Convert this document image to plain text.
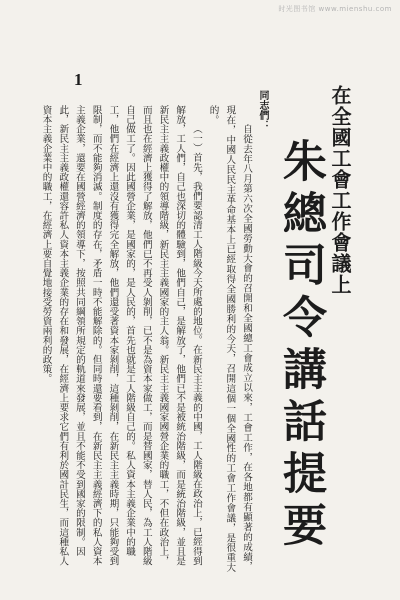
时光图书馆 www.mienshu.com
1
在全國工會工作會議上
朱總司令講話提要
同志們：

自從去年八月第六次全國勞動大會的召開和全國總工會成立以來，工會工作，在各地都有顯著的成績，現在，中國人民民主革命基本上已經取得全國勝利的今天，召開這個一個全國性的工會工作會議，是很重大的。

（一）首先，我們要認清工人階級今天所處的地位。在新民主主義的中國，工人階級在政治上，已經得到解放，工人們，自己也深切的體驗到，他們自己，是解放了，他們已不是被統治階級，而是統治階級，並且是新民主主義政權中的領導階級，新民主主義國家的主人翁。新民主主義國家國營企業的職工，不但在政治上，而且也在經濟上獲得了解放，他們已不再受人剝削，已不是為資本家做工，而是替國家，替人民，為工人階級自己做工了。因此國營企業，是國家的，是人民的，首先也就是工人階級自己的。私人資本主義企業中的職工，他們在經濟上還沒有獲得完全解放，他們還受著資本家剝削，這種剝削，在新民主主義時期，只能夠受到限制，而不能夠消滅。制度的存在，矛盾一時不能解除的。但同時還要看到，在新民主主義經濟下的私人資本主義企業，還要在國營經濟的領導下，按照共同綱領所規定的軌道來發展，並且不能不受到國家的限制。因此，新民主主義政權還容許私人資本主義企業的存在和發展，在經濟上要求它們有利於國計民生，而這種私人資本主義企業中的職工，在經濟上要自覺地接受勞資兩利的政策。
